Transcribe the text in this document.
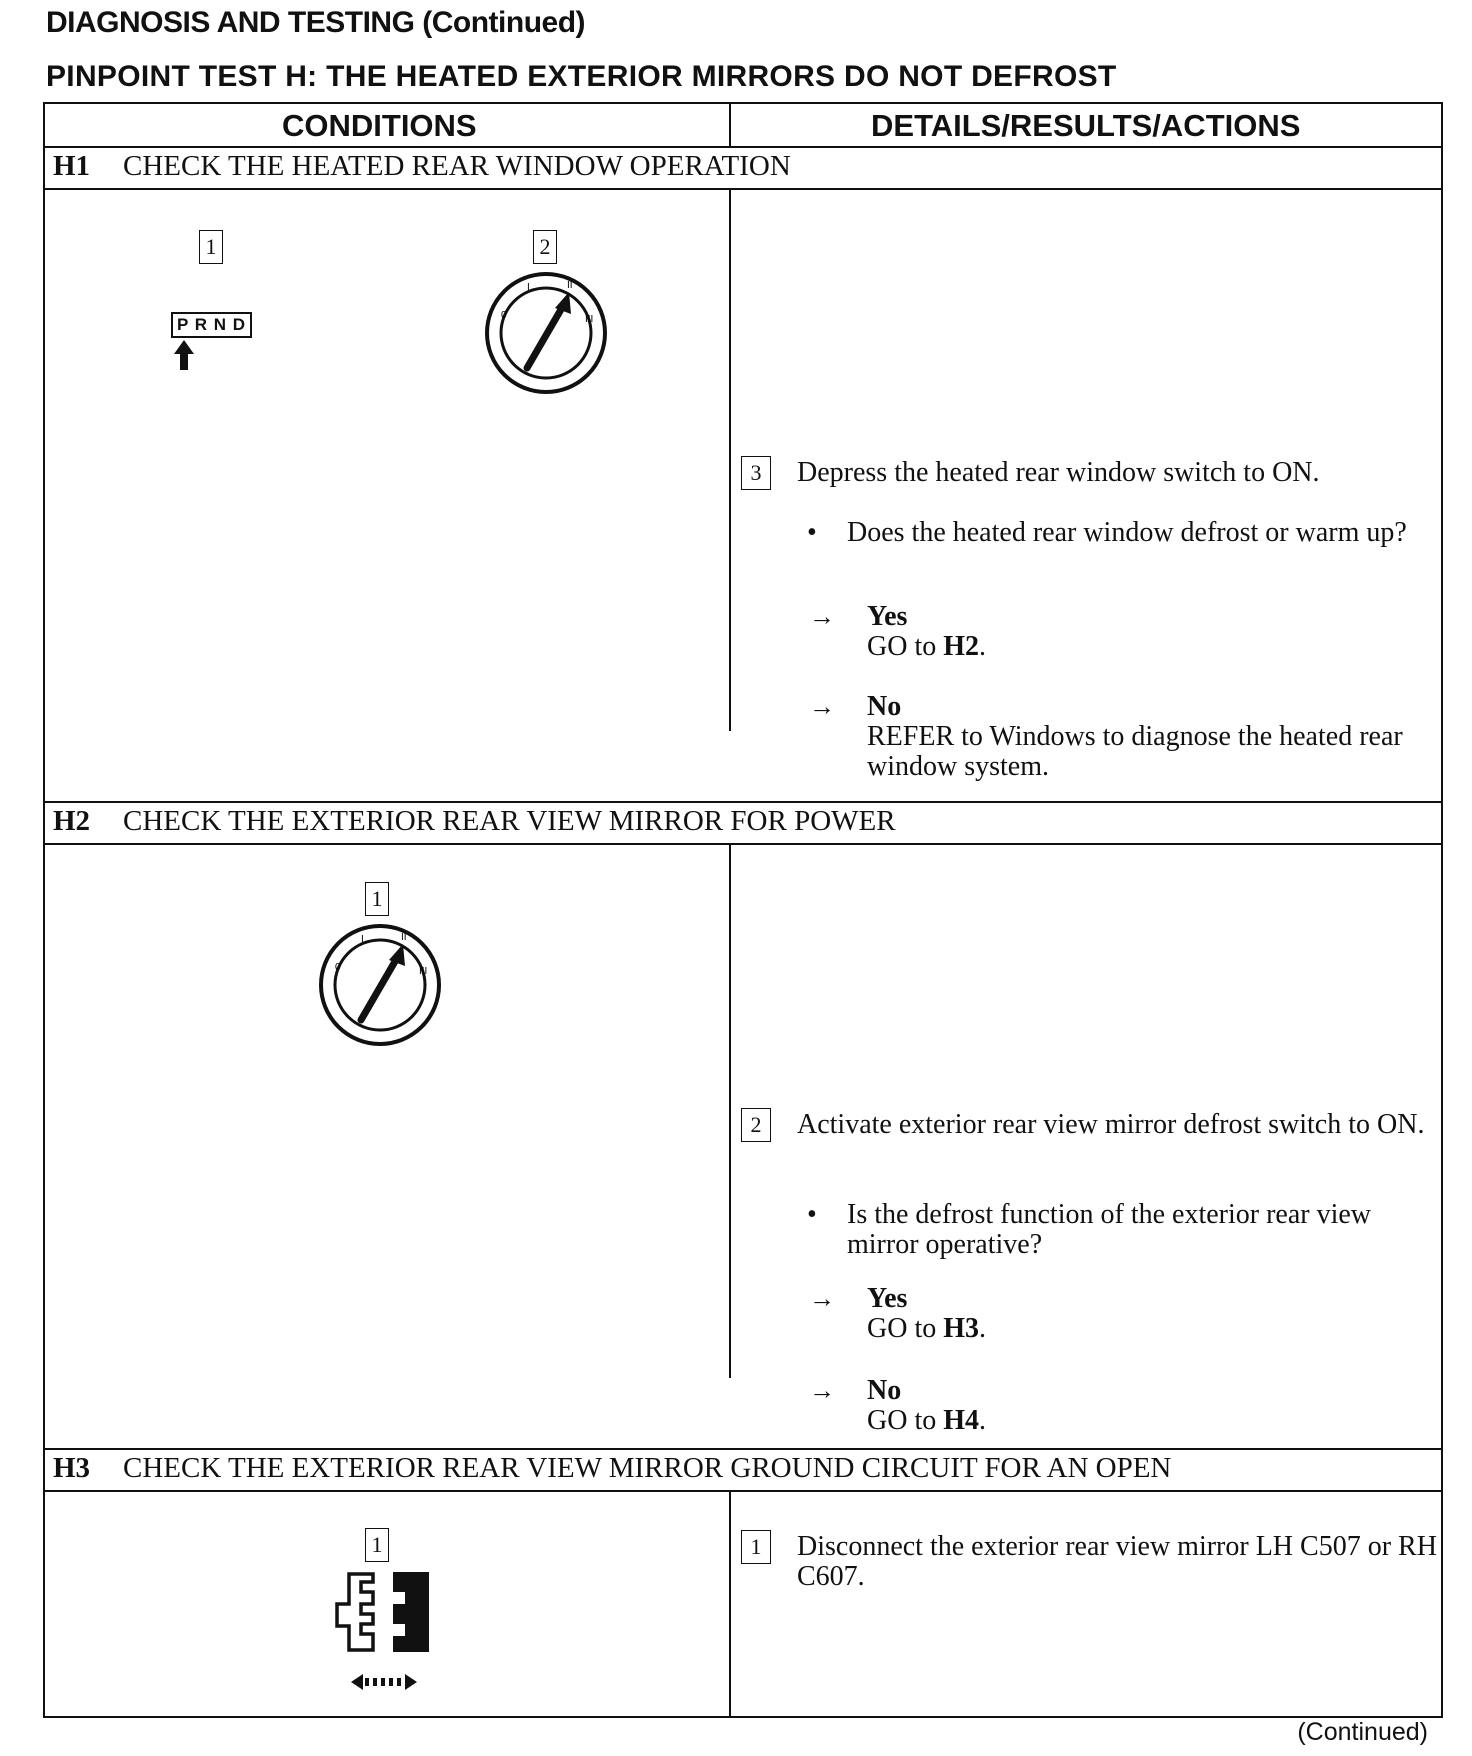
DIAGNOSIS AND TESTING (Continued)
PINPOINT TEST H: THE HEATED EXTERIOR MIRRORS DO NOT DEFROST
CONDITIONS	DETAILS/RESULTS/ACTIONS
H1 CHECK THE HEATED REAR WINDOW OPERATION
1	2
P R N D	0
I	II
III
3	Depress the heated rear window switch to ON.
• Does the heated rear window defrost or warm up?
→ Yes
GO to H2.
→ No
REFER to Windows to diagnose the heated rear window system.
H2 CHECK THE EXTERIOR REAR VIEW MIRROR FOR POWER
1
0
I	II
III
2	Activate exterior rear view mirror defrost switch to ON.
• Is the defrost function of the exterior rear view mirror operative?
→ Yes
GO to H3.
→ No
GO to H4.
H3 CHECK THE EXTERIOR REAR VIEW MIRROR GROUND CIRCUIT FOR AN OPEN
1	1	Disconnect the exterior rear view mirror LH C507 or RH C607.
(Continued)
